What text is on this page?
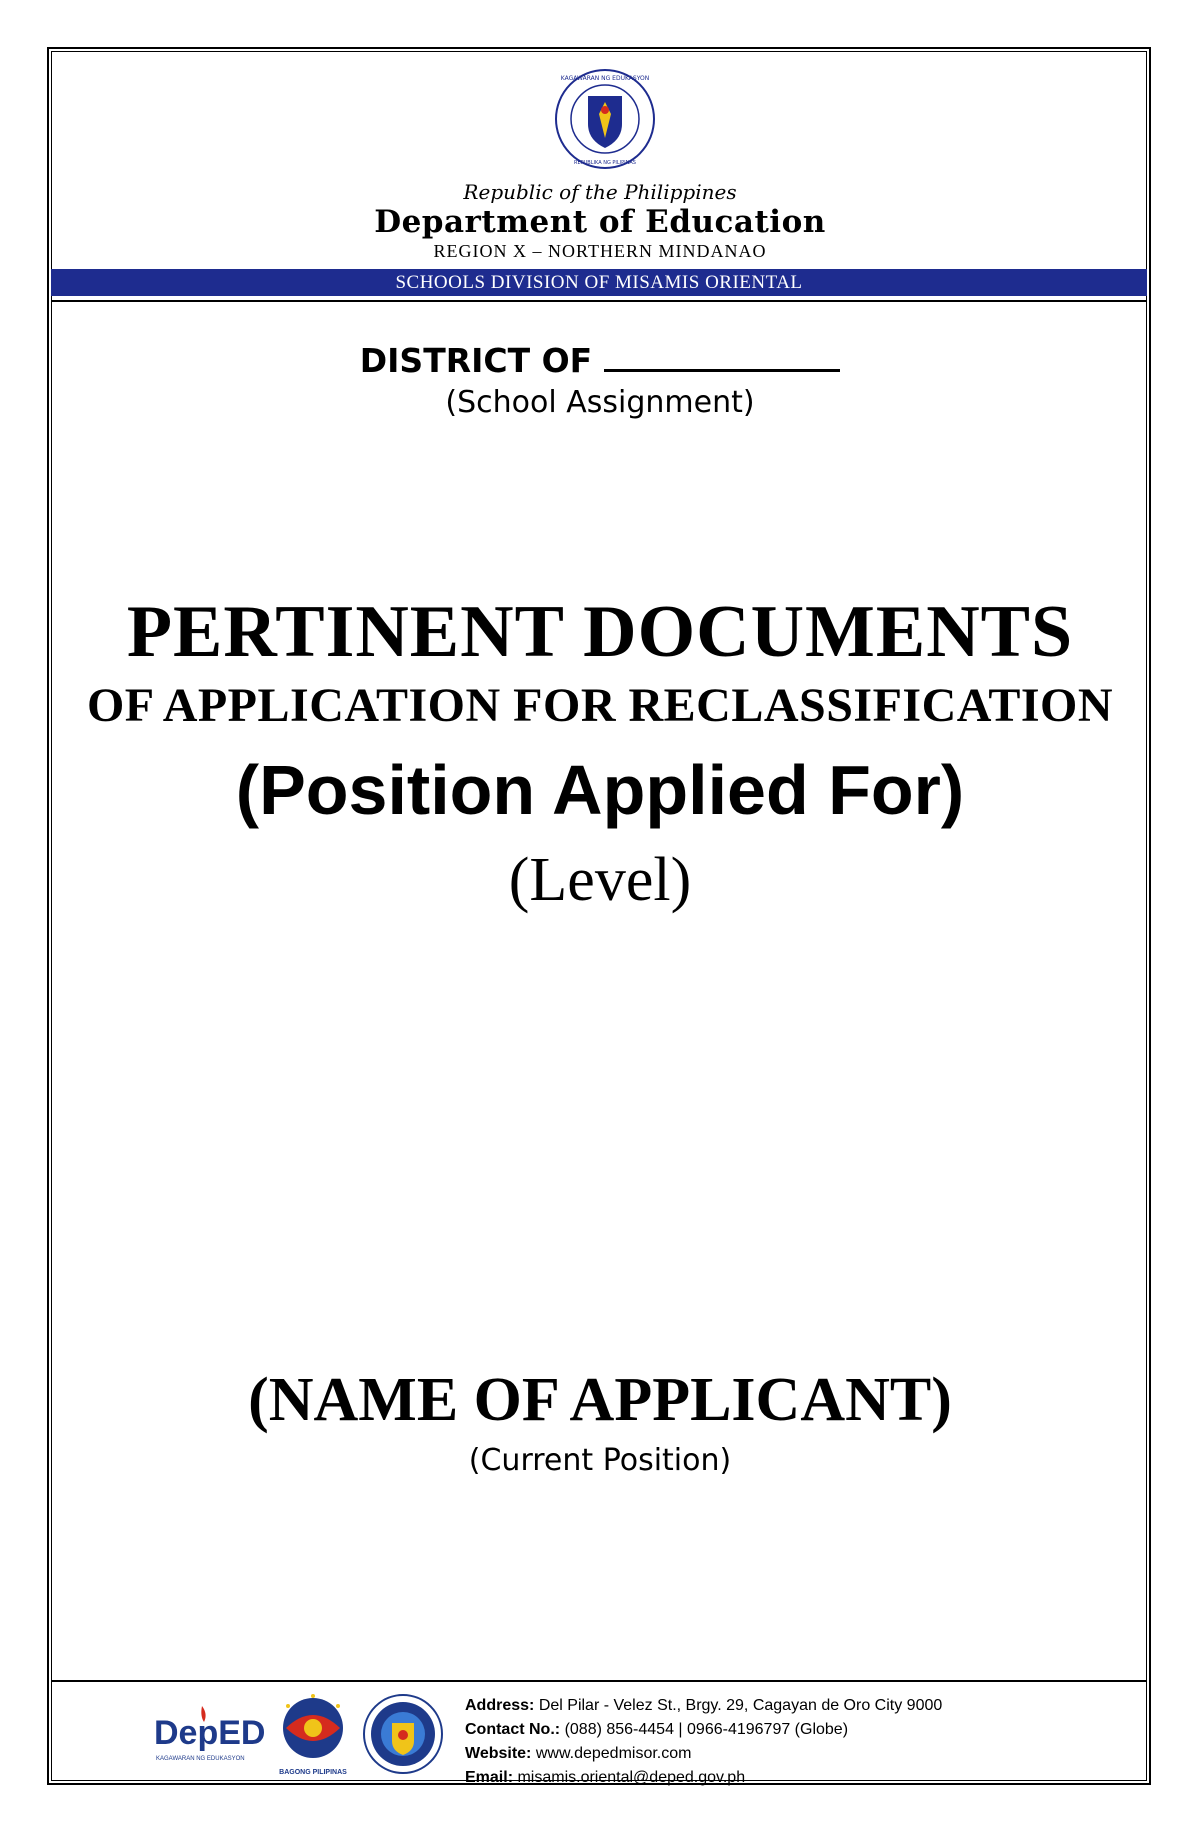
KAGAWARAN NG EDUKASYON
REPUBLIKA NG PILIPINAS
Republic of the Philippines
Department of Education
REGION X – NORTHERN MINDANAO
SCHOOLS DIVISION OF MISAMIS ORIENTAL
DISTRICT OF
(School Assignment)
PERTINENT DOCUMENTS
OF APPLICATION FOR RECLASSIFICATION
(Position Applied For)
(Level)
(NAME OF APPLICANT)
(Current Position)
DepED
KAGAWARAN NG EDUKASYON
BAGONG PILIPINAS
Address: Del Pilar - Velez St., Brgy. 29, Cagayan de Oro City 9000
Contact No.: (088) 856-4454 | 0966-4196797 (Globe)
Website: www.depedmisor.com
Email: misamis.oriental@deped.gov.ph
